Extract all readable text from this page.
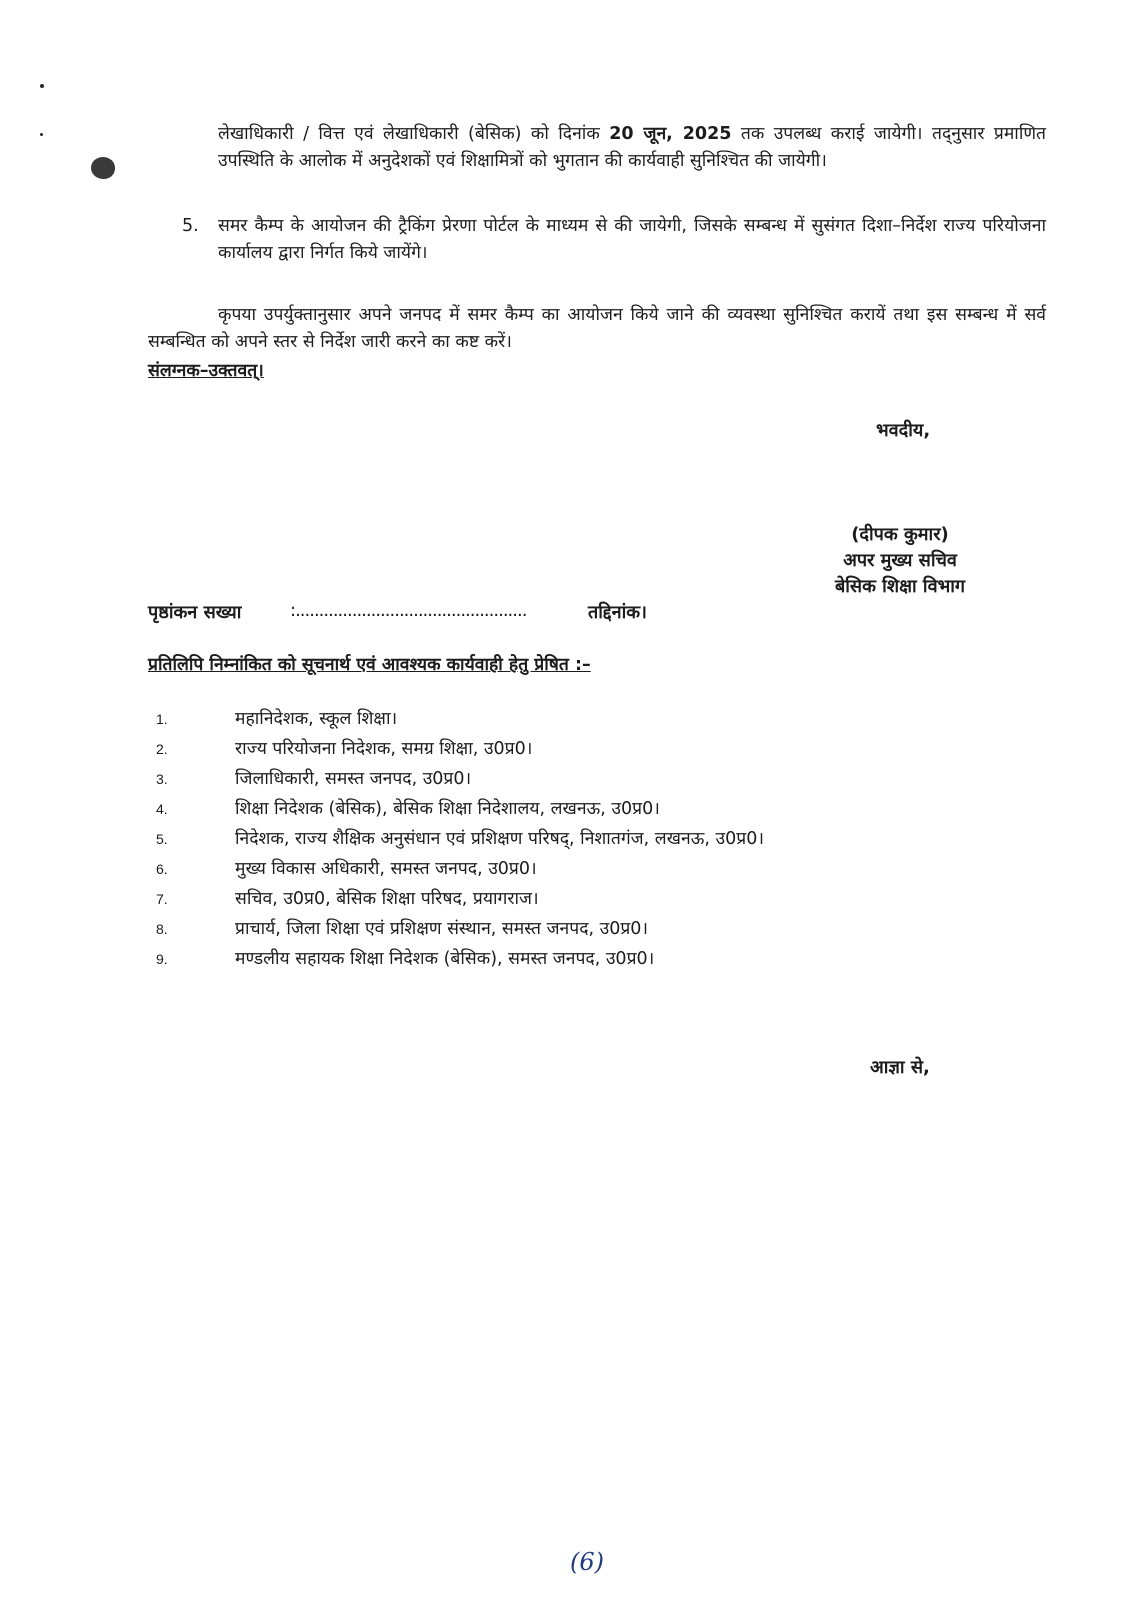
लेखाधिकारी / वित्त एवं लेखाधिकारी (बेसिक) को दिनांक 20 जून, 2025 तक उपलब्ध कराई जायेगी। तद्नुसार प्रमाणित उपस्थिति के आलोक में अनुदेशकों एवं शिक्षामित्रों को भुगतान की कार्यवाही सुनिश्चित की जायेगी।
5. समर कैम्प के आयोजन की ट्रैकिंग प्रेरणा पोर्टल के माध्यम से की जायेगी, जिसके सम्बन्ध में सुसंगत दिशा–निर्देश राज्य परियोजना कार्यालय द्वारा निर्गत किये जायेंगे।
कृपया उपर्युक्तानुसार अपने जनपद में समर कैम्प का आयोजन किये जाने की व्यवस्था सुनिश्चित करायें तथा इस सम्बन्ध में सर्व सम्बन्धित को अपने स्तर से निर्देश जारी करने का कष्ट करें।
संलग्नक–उक्तवत्।
भवदीय,
(दीपक कुमार)
अपर मुख्य सचिव
बेसिक शिक्षा विभाग
पृष्ठांकन सख्या	:.................................................	तद्दिनांक।
प्रतिलिपि निम्नांकित को सूचनार्थ एवं आवश्यक कार्यवाही हेतु प्रेषित :–
1.	महानिदेशक, स्कूल शिक्षा।
2.	राज्य परियोजना निदेशक, समग्र शिक्षा, उ0प्र0।
3.	जिलाधिकारी, समस्त जनपद, उ0प्र0।
4.	शिक्षा निदेशक (बेसिक), बेसिक शिक्षा निदेशालय, लखनऊ, उ0प्र0।
5.	निदेशक, राज्य शैक्षिक अनुसंधान एवं प्रशिक्षण परिषद्, निशातगंज, लखनऊ, उ0प्र0।
6.	मुख्य विकास अधिकारी, समस्त जनपद, उ0प्र0।
7.	सचिव, उ0प्र0, बेसिक शिक्षा परिषद, प्रयागराज।
8.	प्राचार्य, जिला शिक्षा एवं प्रशिक्षण संस्थान, समस्त जनपद, उ0प्र0।
9.	मण्डलीय सहायक शिक्षा निदेशक (बेसिक), समस्त जनपद, उ0प्र0।
आज्ञा से,
(6)
